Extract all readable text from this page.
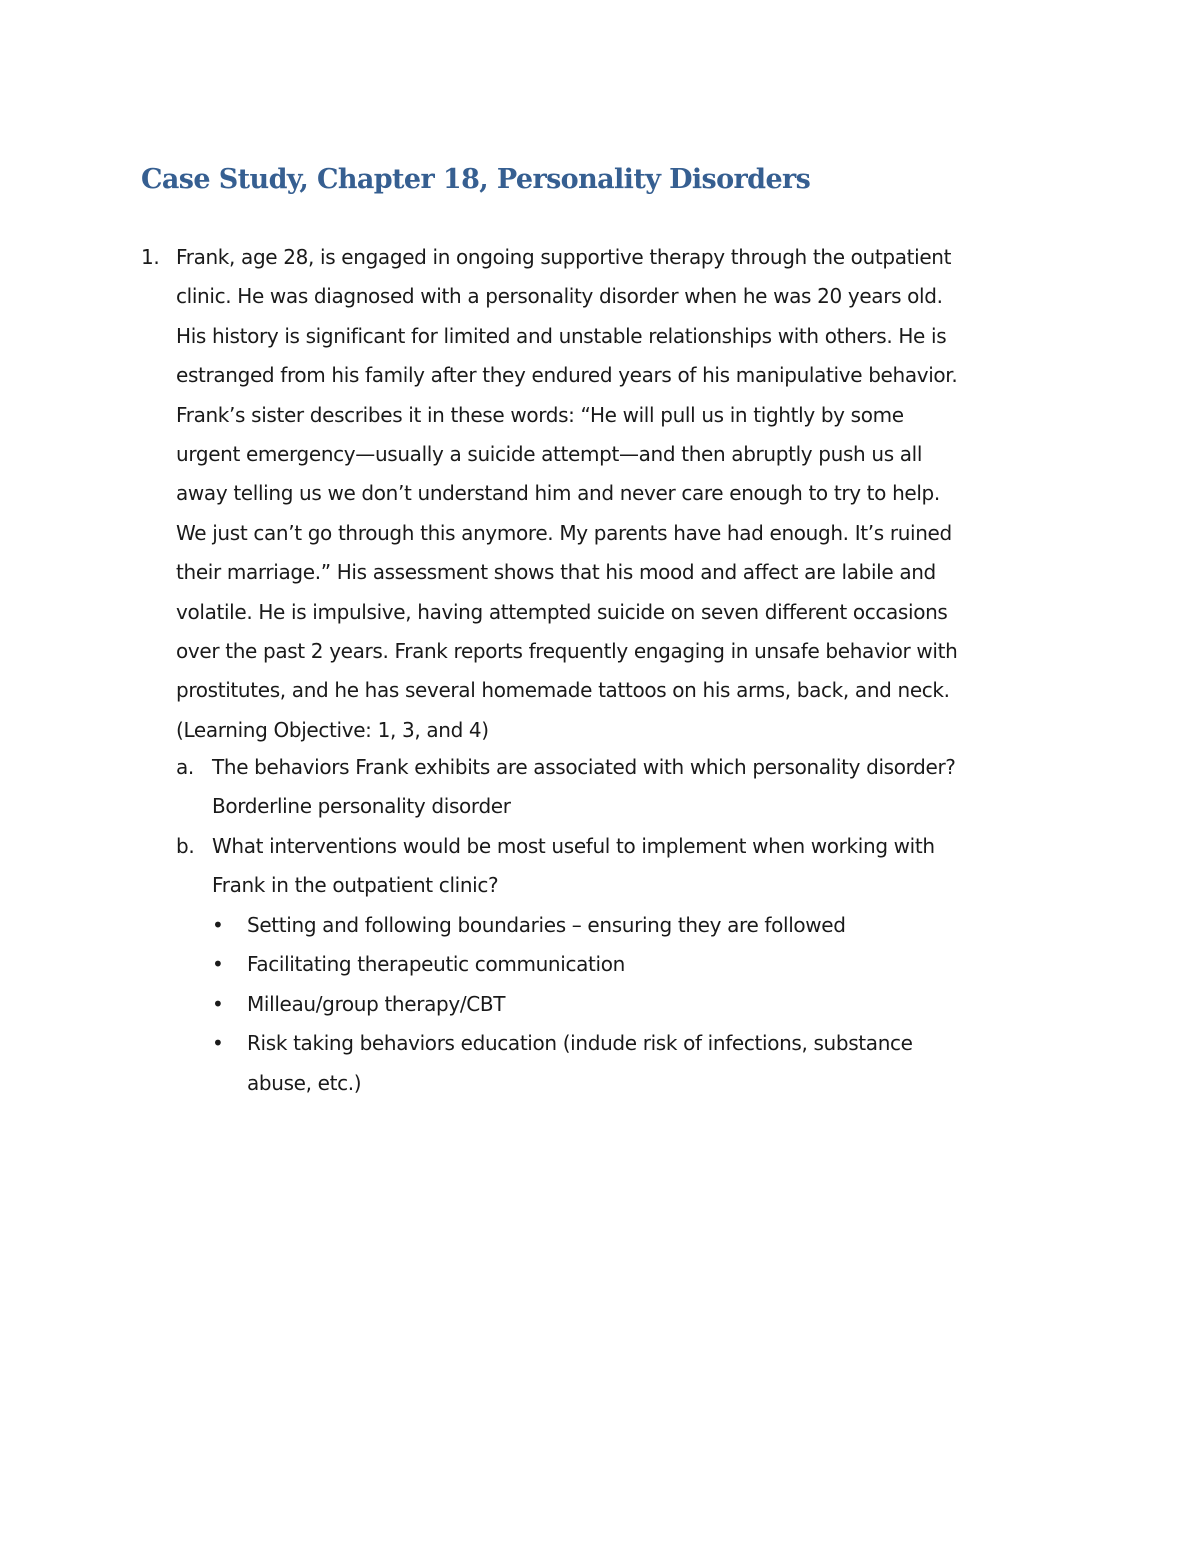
Case Study, Chapter 18, Personality Disorders
1. Frank, age 28, is engaged in ongoing supportive therapy through the outpatient
clinic. He was diagnosed with a personality disorder when he was 20 years old.
His history is significant for limited and unstable relationships with others. He is
estranged from his family after they endured years of his manipulative behavior.
Frank’s sister describes it in these words: “He will pull us in tightly by some
urgent emergency—usually a suicide attempt—and then abruptly push us all
away telling us we don’t understand him and never care enough to try to help.
We just can’t go through this anymore. My parents have had enough. It’s ruined
their marriage.” His assessment shows that his mood and affect are labile and
volatile. He is impulsive, having attempted suicide on seven different occasions
over the past 2 years. Frank reports frequently engaging in unsafe behavior with
prostitutes, and he has several homemade tattoos on his arms, back, and neck.
(Learning Objective: 1, 3, and 4)
a. The behaviors Frank exhibits are associated with which personality disorder?
Borderline personality disorder
b. What interventions would be most useful to implement when working with
Frank in the outpatient clinic?
• Setting and following boundaries – ensuring they are followed
• Facilitating therapeutic communication
• Milleau/group therapy/CBT
• Risk taking behaviors education (indude risk of infections, substance
abuse, etc.)
